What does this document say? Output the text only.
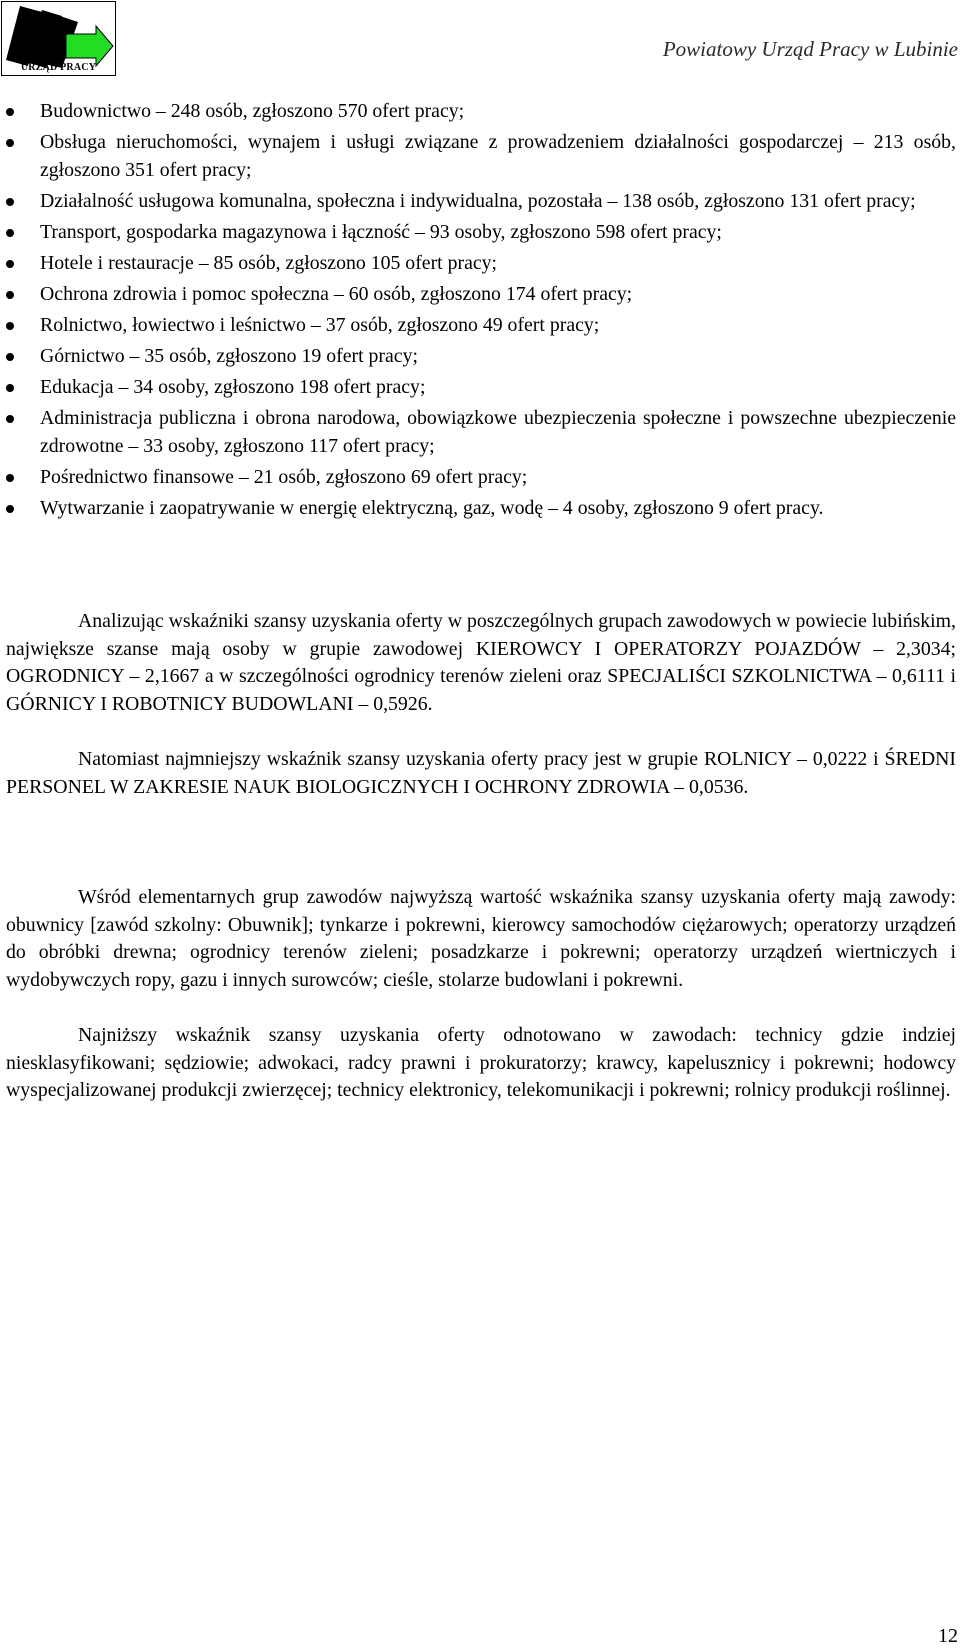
URZĄD PRACY
Powiatowy Urząd Pracy w Lubinie
Budownictwo – 248 osób, zgłoszono 570 ofert pracy;
Obsługa nieruchomości, wynajem i usługi związane z prowadzeniem działalności gospodarczej – 213 osób, zgłoszono 351 ofert pracy;
Działalność usługowa komunalna, społeczna i indywidualna, pozostała – 138 osób, zgłoszono 131 ofert pracy;
Transport, gospodarka magazynowa i łączność – 93 osoby, zgłoszono 598 ofert pracy;
Hotele i restauracje – 85 osób, zgłoszono 105 ofert pracy;
Ochrona zdrowia i pomoc społeczna – 60 osób, zgłoszono 174 ofert pracy;
Rolnictwo, łowiectwo i leśnictwo – 37 osób, zgłoszono 49 ofert pracy;
Górnictwo – 35 osób, zgłoszono 19 ofert pracy;
Edukacja – 34 osoby, zgłoszono 198 ofert pracy;
Administracja publiczna i obrona narodowa, obowiązkowe ubezpieczenia społeczne i powszechne ubezpieczenie zdrowotne – 33 osoby, zgłoszono 117 ofert pracy;
Pośrednictwo finansowe – 21 osób, zgłoszono 69 ofert pracy;
Wytwarzanie i zaopatrywanie w energię elektryczną, gaz, wodę – 4 osoby, zgłoszono 9 ofert pracy.

Analizując wskaźniki szansy uzyskania oferty w poszczególnych grupach zawodowych w powiecie lubińskim, największe szanse mają osoby w grupie zawodowej KIEROWCY I OPERATORZY POJAZDÓW – 2,3034; OGRODNICY – 2,1667 a w szczególności ogrodnicy terenów zieleni oraz SPECJALIŚCI SZKOLNICTWA – 0,6111 i GÓRNICY I ROBOTNICY BUDOWLANI – 0,5926.

Natomiast najmniejszy wskaźnik szansy uzyskania oferty pracy jest w grupie ROLNICY – 0,0222 i ŚREDNI PERSONEL W ZAKRESIE NAUK BIOLOGICZNYCH I OCHRONY ZDROWIA – 0,0536.

Wśród elementarnych grup zawodów najwyższą wartość wskaźnika szansy uzyskania oferty mają zawody: obuwnicy [zawód szkolny: Obuwnik]; tynkarze i pokrewni, kierowcy samochodów ciężarowych; operatorzy urządzeń do obróbki drewna; ogrodnicy terenów zieleni; posadzkarze i pokrewni; operatorzy urządzeń wiertniczych i wydobywczych ropy, gazu i innych surowców; cieśle, stolarze budowlani i pokrewni.

Najniższy wskaźnik szansy uzyskania oferty odnotowano w zawodach: technicy gdzie indziej niesklasyfikowani; sędziowie; adwokaci, radcy prawni i prokuratorzy; krawcy, kapelusznicy i pokrewni; hodowcy wyspecjalizowanej produkcji zwierzęcej; technicy elektronicy, telekomunikacji i pokrewni; rolnicy produkcji roślinnej.

12
